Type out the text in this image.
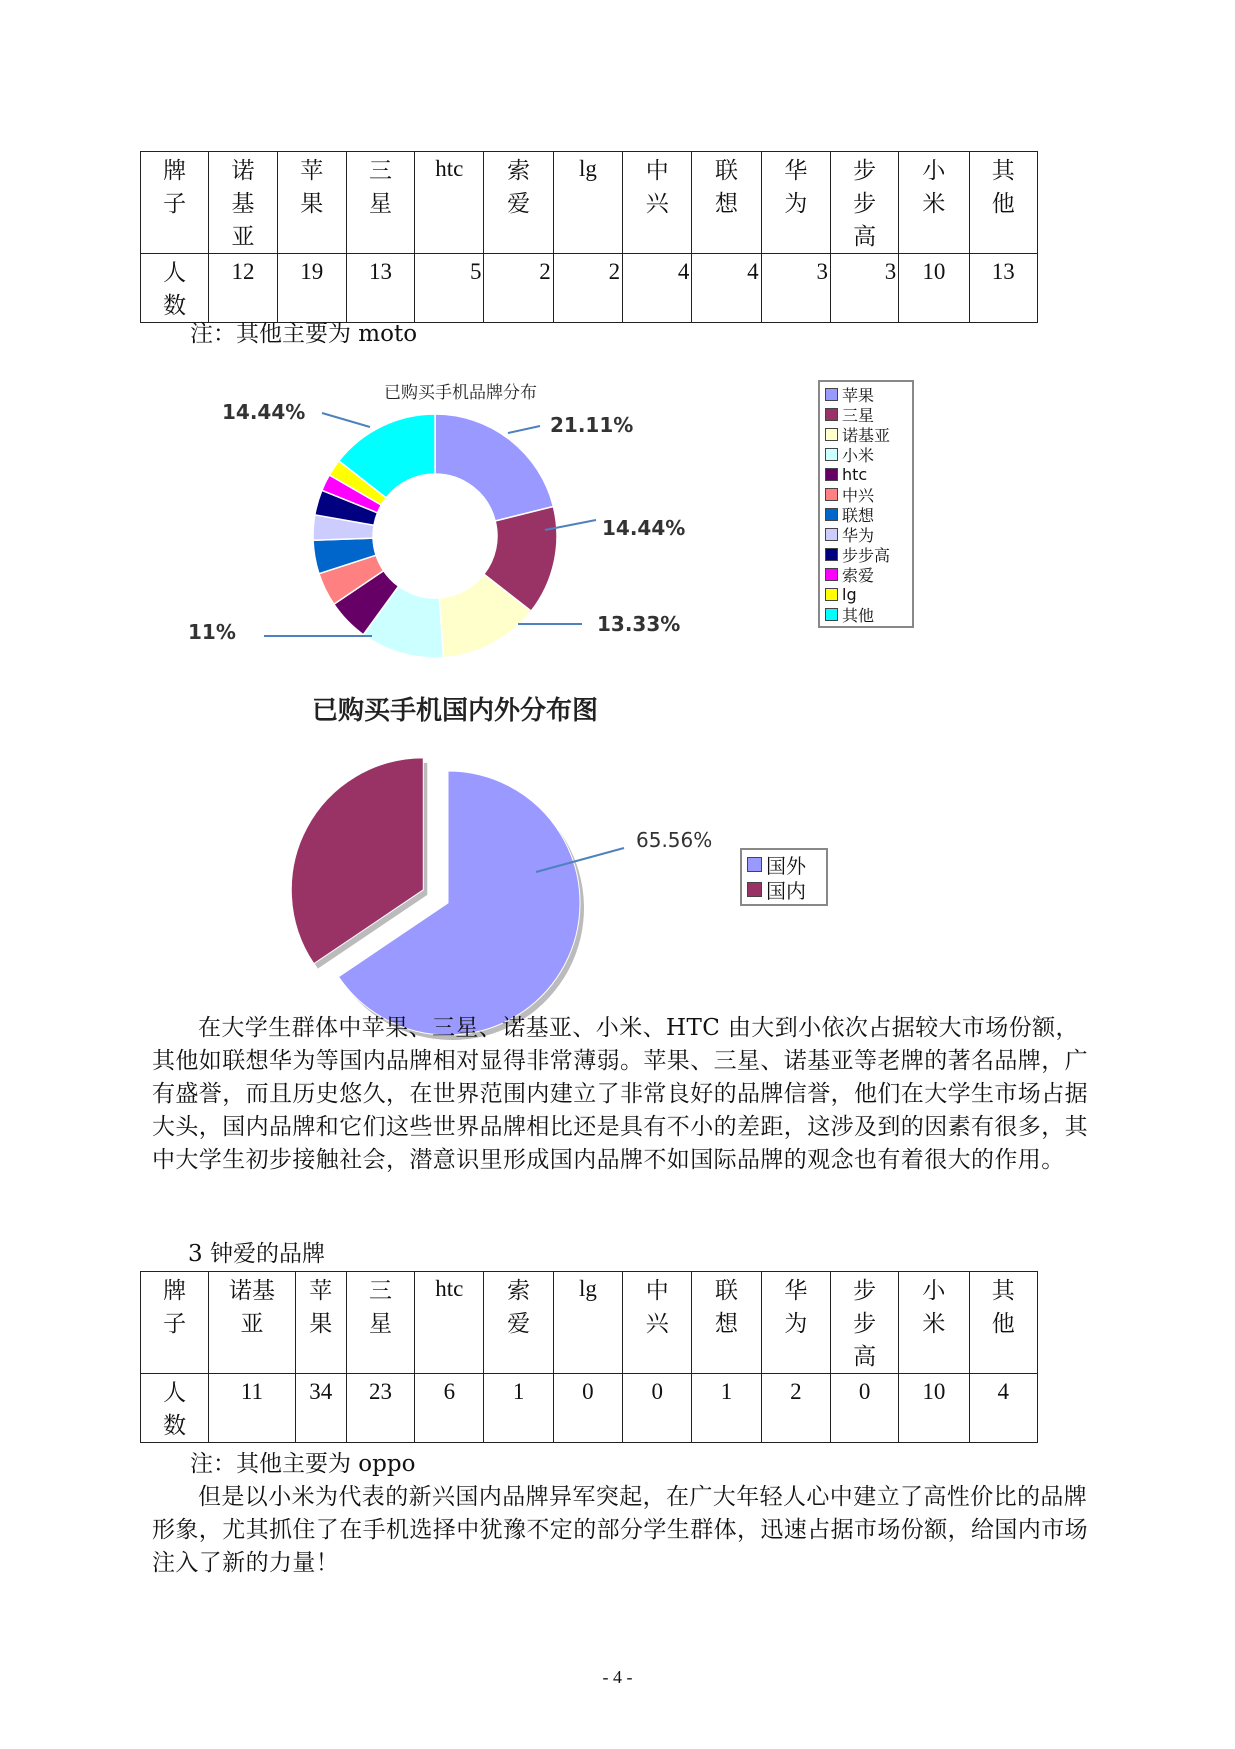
牌子	诺基亚	苹果	三星	htc	索爱	lg	中兴	联想	华为	步步高	小米	其他

人数	12	19	13	5	2	2	4	4	3	3	10	13
注：其他主要为 moto
已购买手机品牌分布
14.44%
21.11%
14.44%
13.33%
11%
苹果
三星
诺基亚
小米
htc
中兴
联想
华为
步步高
索爱
lg
其他
已购买手机国内外分布图
65.56%
国外
国内
在大学生群体中苹果、三星、诺基亚、小米、HTC 由大到小依次占据较大市场份额，其他如联想华为等国内品牌相对显得非常薄弱。苹果、三星、诺基亚等老牌的著名品牌，广有盛誉，而且历史悠久，在世界范围内建立了非常良好的品牌信誉，他们在大学生市场占据大头，国内品牌和它们这些世界品牌相比还是具有不小的差距，这涉及到的因素有很多，其中大学生初步接触社会，潜意识里形成国内品牌不如国际品牌的观念也有着很大的作用。
3 钟爱的品牌
牌子	诺基亚	苹果	三星	htc	索爱	lg	中兴	联想	华为	步步高	小米	其他

人数	11	34	23	6	1	0	0	1	2	0	10	4
注：其他主要为 oppo
但是以小米为代表的新兴国内品牌异军突起，在广大年轻人心中建立了高性价比的品牌形象，尤其抓住了在手机选择中犹豫不定的部分学生群体，迅速占据市场份额，给国内市场注入了新的力量！
- 4 -
